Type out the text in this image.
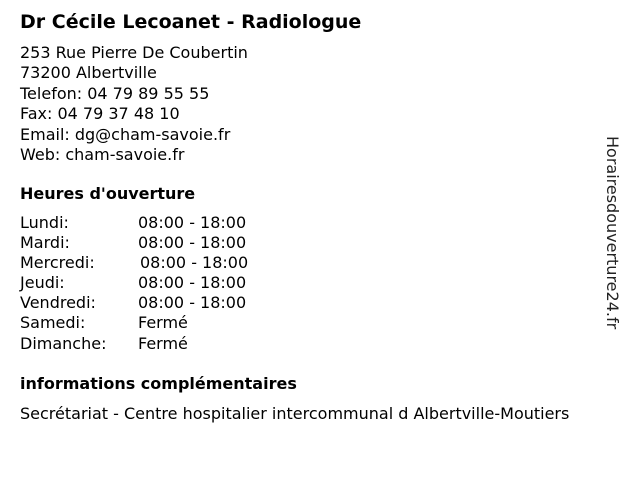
Dr Cécile Lecoanet - Radiologue
253 Rue Pierre De Coubertin
73200 Albertville
Telefon: 04 79 89 55 55
Fax: 04 79 37 48 10
Email: dg@cham-savoie.fr
Web: cham-savoie.fr
Heures d'ouverture
Lundi:	08:00 - 18:00
Mardi:	08:00 - 18:00
Mercredi:	08:00 - 18:00
Jeudi:	08:00 - 18:00
Vendredi:	08:00 - 18:00
Samedi:	Fermé
Dimanche: Fermé
informations complémentaires
Secrétariat - Centre hospitalier intercommunal d Albertville-Moutiers
Horairesdouverture24.fr
